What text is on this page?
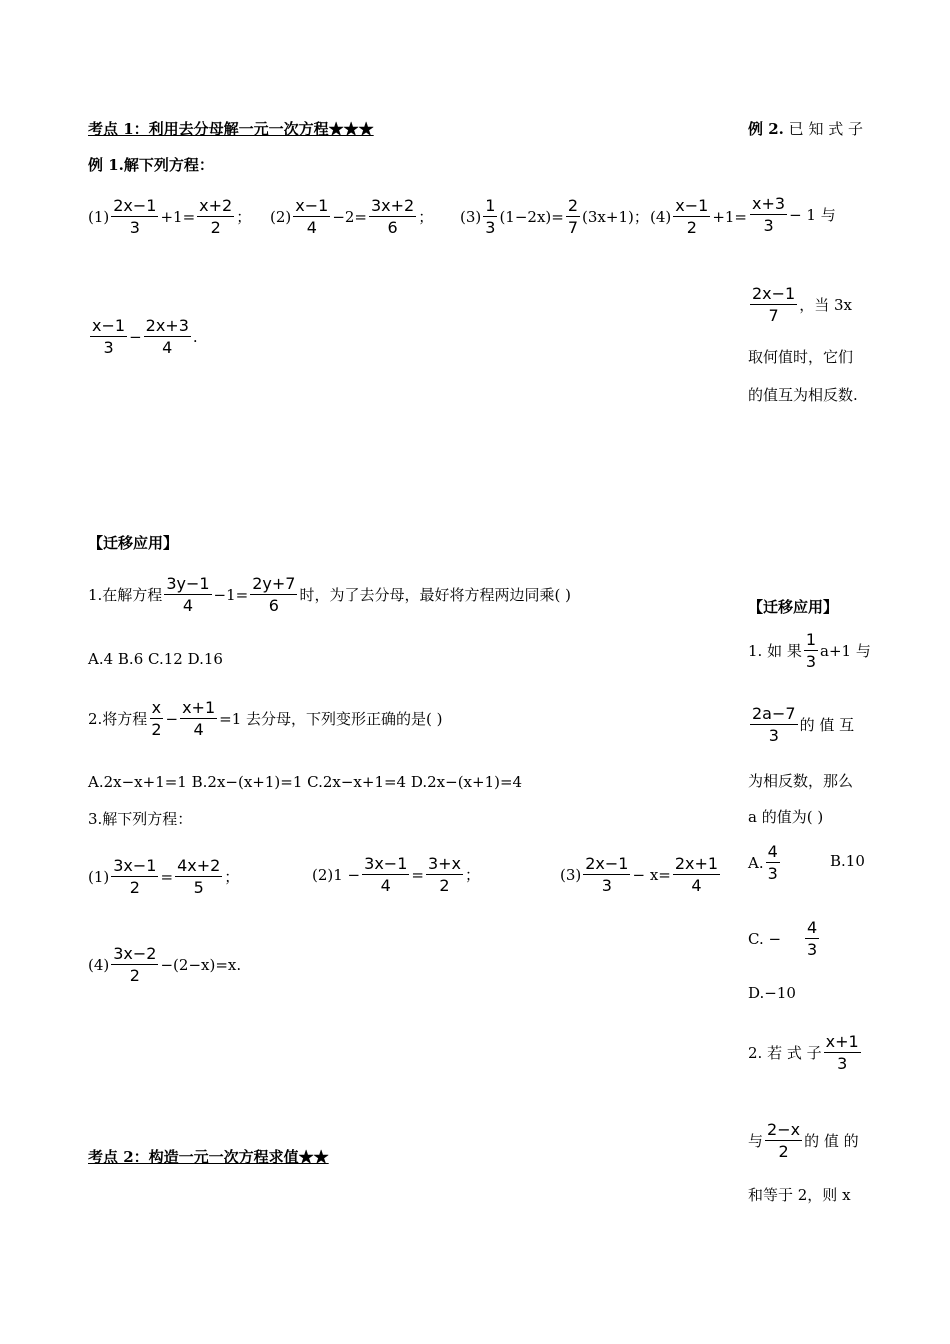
考点 1：利用去分母解一元一次方程★★★
例 1.解下列方程：
$(1) \frac{2x-1}{3} +1= \frac{x+2}{2}$ ； $(2) \frac{x-1}{4} -2= \frac{3x+2}{6}$ ； $(3) \frac{1}{3} (1-2x)= \frac{2}{7} (3x+1)$； $(4) \frac{x-1}{2} +1=$
$\frac{x-1}{3} - \frac{2x+3}{4}$ .
例 2. 已 知 式 子
$\frac{x+3}{3} - 1$ 与
$\frac{2x-1}{7}$ ，当 3x
取何值时，它们
的值互为相反数.
【迁移应用】
1.在解方程 $\frac{3y-1}{4} -1= \frac{2y+7}{6}$ 时，为了去分母，最好将方程两边同乘( )
A.4 B.6 C.12 D.16
2.将方程 $\frac{x}{2} - \frac{x+1}{4} =1$ 去分母，下列变形正确的是( )
A.2x−x+1=1 B.2x−(x+1)=1 C.2x−x+1=4 D.2x−(x+1)=4
3.解下列方程：
$(1) \frac{3x-1}{2} = \frac{4x+2}{5}$ ；	$(2)1 - \frac{3x-1}{4} = \frac{3+x}{2}$ ；	$(3) \frac{2x-1}{3} - x= \frac{2x+1}{4}$
$(4) \frac{3x-2}{2} -(2-x)=x$.
【迁移应用】
1. 如 果 $\frac{1}{3} a+1$ 与
$\frac{2a-7}{3}$ 的 值 互
为相反数，那么
a 的值为( )
A. $\frac{4}{3}$	B.10
C. − $\frac{4}{3}$
D.−10
2. 若 式 子 $\frac{x+1}{3}$
与 $\frac{2-x}{2}$ 的 值 的
和等于 2，则 x
考点 2：构造一元一次方程求值★★
